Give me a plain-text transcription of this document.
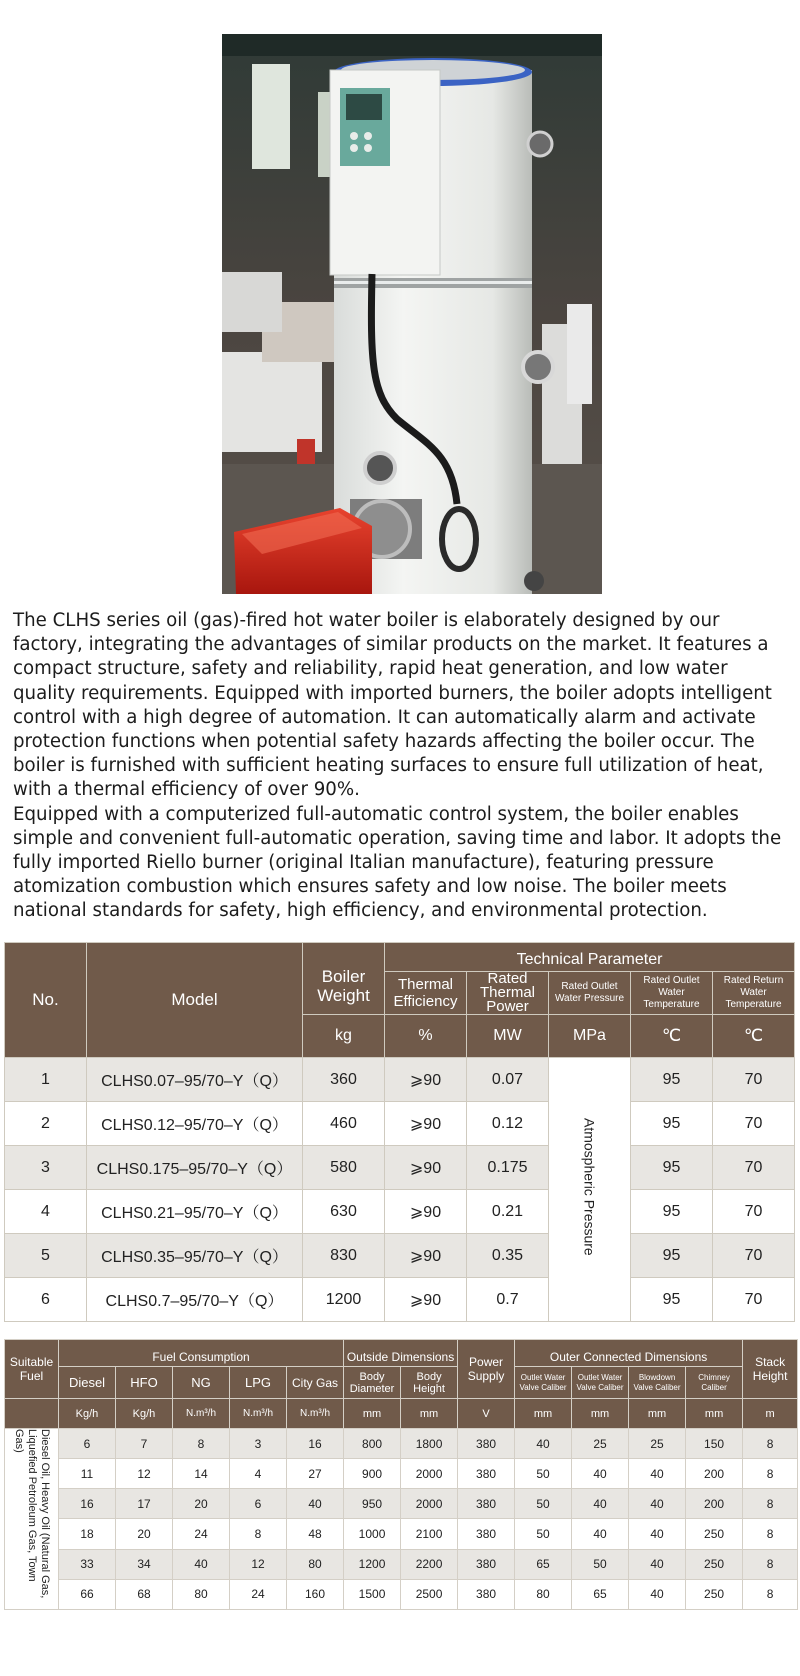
The CLHS series oil (gas)-fired hot water boiler is elaborately designed by our factory, integrating the advantages of similar products on the market. It features a compact structure, safety and reliability, rapid heat generation, and low water quality requirements. Equipped with imported burners, the boiler adopts intelligent control with a high degree of automation. It can automatically alarm and activate protection functions when potential safety hazards affecting the boiler occur. The boiler is furnished with sufficient heating surfaces to ensure full utilization of heat, with a thermal efficiency of over 90%.

Equipped with a computerized full-automatic control system, the boiler enables simple and convenient full-automatic operation, saving time and labor. It adopts the fully imported Riello burner (original Italian manufacture), featuring pressure atomization combustion which ensures safety and low noise. The boiler meets national standards for safety, high efficiency, and environmental protection.

No.	Model	Boiler Weight	Technical Parameter				
			Thermal Efficiency	Rated Thermal Power	Rated Outlet Water Pressure	Rated Outlet Water Temperature	Rated Return Water Temperature
		kg	%	MW	MPa	℃	℃
1	CLHS0.07–95/70–Y（Q）	360	⩾90	0.07	Atmospheric Pressure	95	70
2	CLHS0.12–95/70–Y（Q）	460	⩾90	0.12		95	70
3	CLHS0.175–95/70–Y（Q）	580	⩾90	0.175		95	70
4	CLHS0.21–95/70–Y（Q）	630	⩾90	0.21		95	70
5	CLHS0.35–95/70–Y（Q）	830	⩾90	0.35		95	70
6	CLHS0.7–95/70–Y（Q）	1200	⩾90	0.7		95	70
Suitable Fuel	Fuel Consumption					Outside Dimensions		Power Supply	Outer Connected Dimensions				Stack Height
	Diesel	HFO	NG	LPG	City Gas	Body Diameter	Body Height		Outlet Water Valve Caliber	Outlet Water Valve Caliber	Blowdown Valve Caliber	Chimney Caliber	
	Kg/h	Kg/h	N.m³/h	N.m³/h	N.m³/h	mm	mm	V	mm	mm	mm	mm	m
Diesel Oil, Heavy Oil (Natural Gas, Liquefied Petroleum Gas, Town Gas)	6	7	8	3	16	800	1800	380	40	25	25	150	8
	11	12	14	4	27	900	2000	380	50	40	40	200	8
	16	17	20	6	40	950	2000	380	50	40	40	200	8
	18	20	24	8	48	1000	2100	380	50	40	40	250	8
	33	34	40	12	80	1200	2200	380	65	50	40	250	8
	66	68	80	24	160	1500	2500	380	80	65	40	250	8
